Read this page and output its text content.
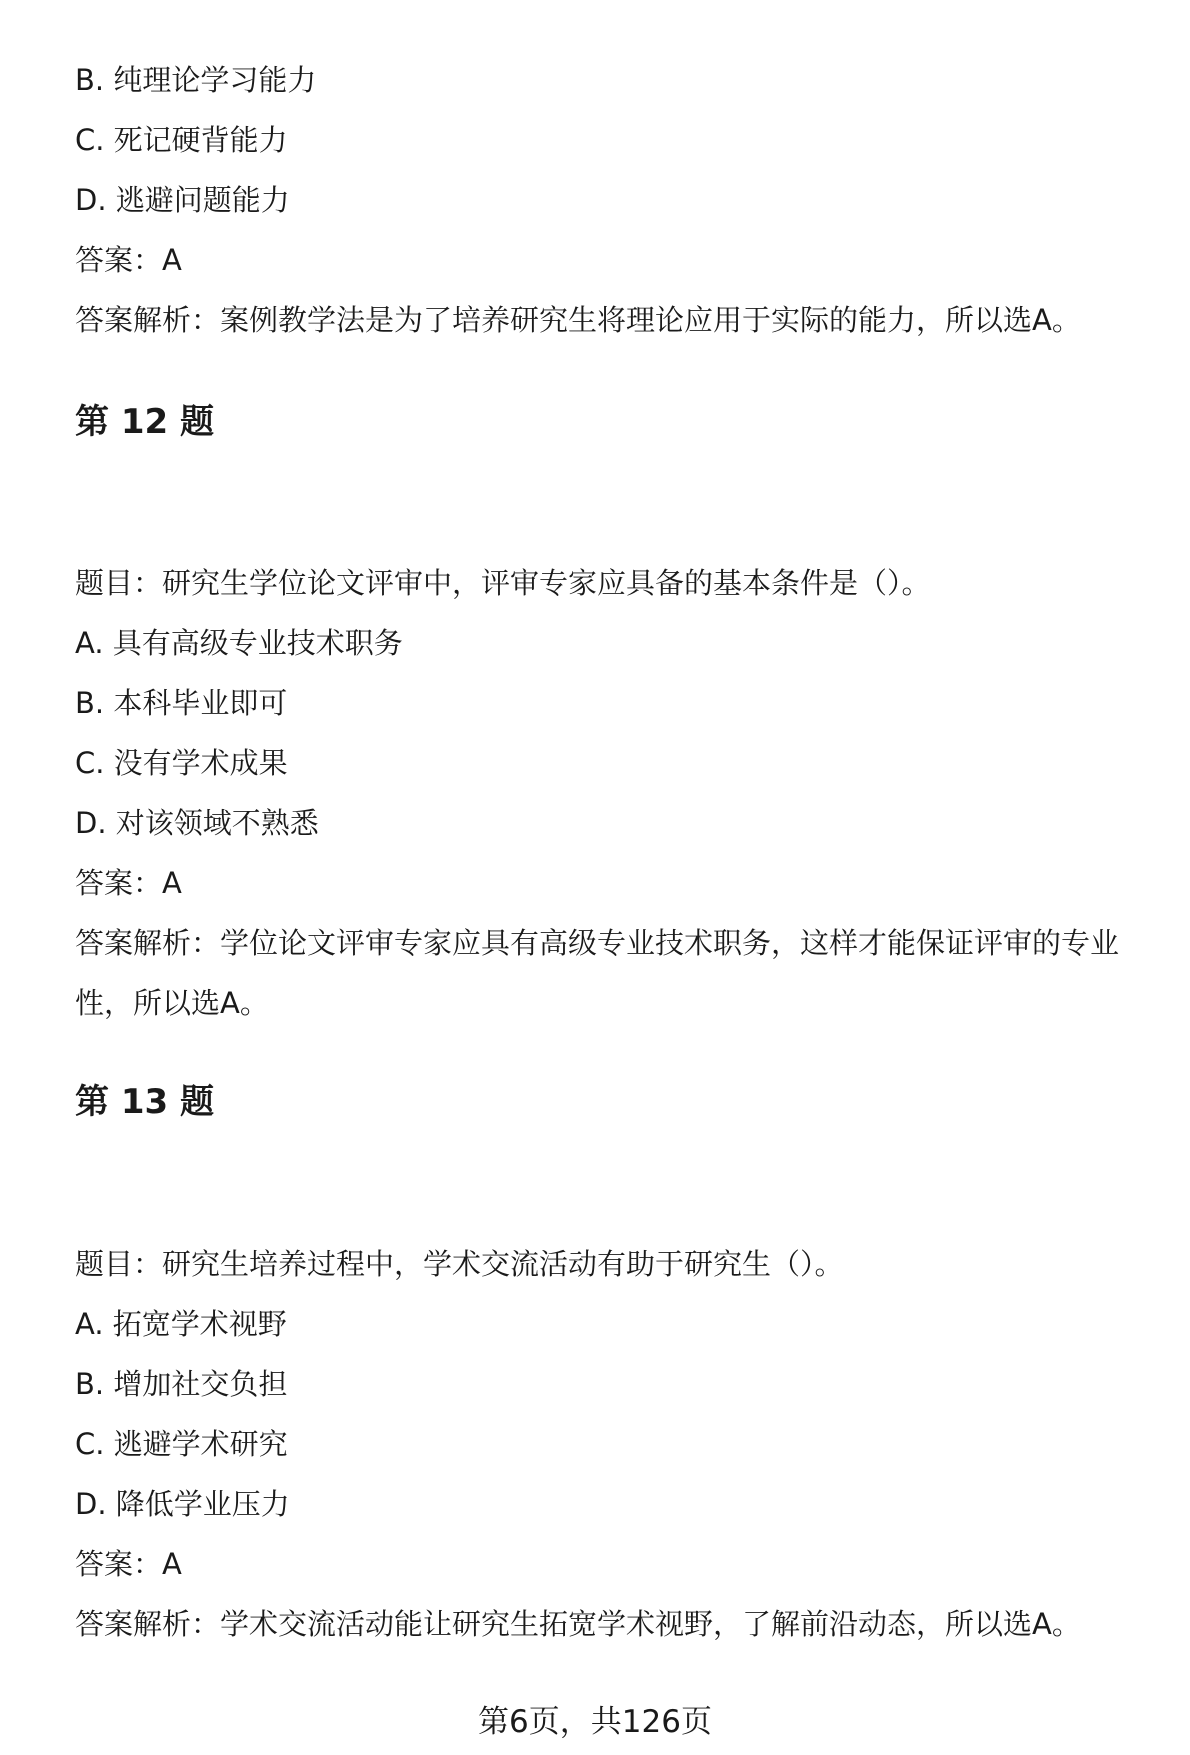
B. 纯理论学习能力
C. 死记硬背能力
D. 逃避问题能力
答案：A
答案解析：案例教学法是为了培养研究生将理论应用于实际的能力，所以选A。
第 12 题
题目：研究生学位论文评审中，评审专家应具备的基本条件是（）。
A. 具有高级专业技术职务
B. 本科毕业即可
C. 没有学术成果
D. 对该领域不熟悉
答案：A
答案解析：学位论文评审专家应具有高级专业技术职务，这样才能保证评审的专业性，所以选A。
第 13 题
题目：研究生培养过程中，学术交流活动有助于研究生（）。
A. 拓宽学术视野
B. 增加社交负担
C. 逃避学术研究
D. 降低学业压力
答案：A
答案解析：学术交流活动能让研究生拓宽学术视野，了解前沿动态，所以选A。
第6页，共126页
